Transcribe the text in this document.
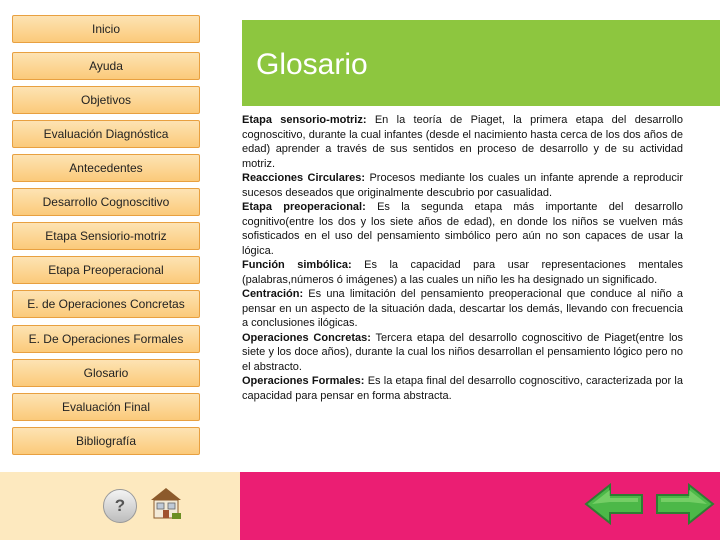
Inicio
Ayuda
Objetivos
Evaluación Diagnóstica
Antecedentes
Desarrollo Cognoscitivo
Etapa Sensiorio-motriz
Etapa Preoperacional
E. de Operaciones Concretas
E. De Operaciones Formales
Glosario
Evaluación Final
Bibliografía
Glosario

Etapa sensorio-motriz: En la teoría de Piaget, la primera etapa del desarrollo cognoscitivo, durante la cual infantes (desde el nacimiento hasta cerca de los dos años de edad) aprender a través de sus sentidos en proceso de desarrollo y de su actividad motriz.

Reacciones Circulares: Procesos mediante los cuales un infante aprende a reproducir sucesos deseados que originalmente descubrio por casualidad.

Etapa preoperacional: Es la segunda etapa más importante del desarrollo cognitivo(entre los dos y los siete años de edad), en donde los niños se vuelven más sofisticados en el uso del pensamiento simbólico pero aún no son capaces de usar la lógica.

Función simbólica: Es la capacidad para usar representaciones mentales (palabras,números ó imágenes) a las cuales un niño les ha designado un significado.

Centración: Es una limitación del pensamiento preoperacional que conduce al niño a pensar en un aspecto de la situación dada, descartar los demás, llevando con frecuencia a conclusiones ilógicas.

Operaciones Concretas: Tercera etapa del desarrollo cognoscitivo de Piaget(entre los siete y los doce años), durante la cual los niños desarrollan el pensamiento lógico pero no el abstracto.

Operaciones Formales: Es la etapa final del desarrollo cognoscitivo, caracterizada por la capacidad para pensar en forma abstracta.

?
